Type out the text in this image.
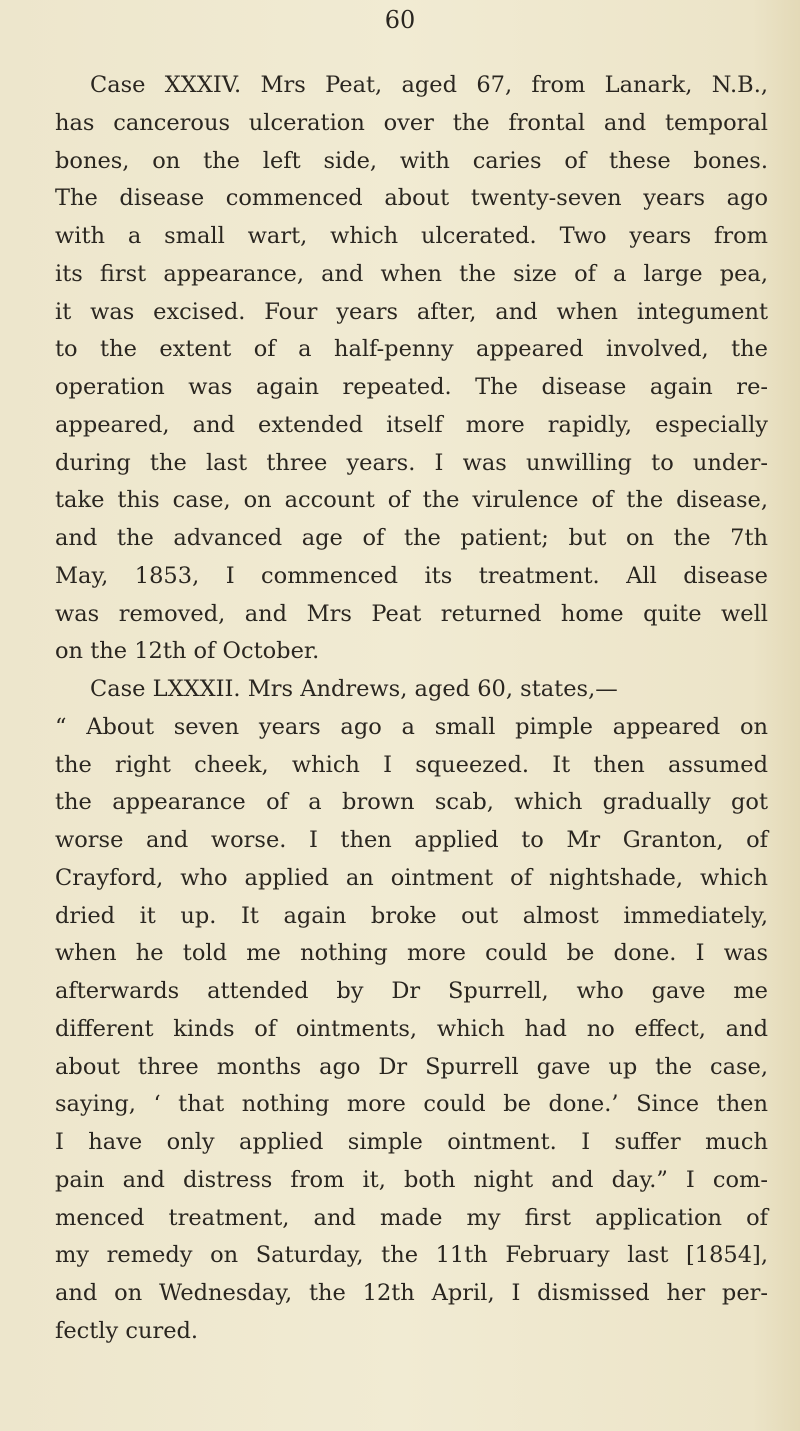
60
Case XXXIV. Mrs Peat, aged 67, from Lanark, N.B.,
has cancerous ulceration over the frontal and temporal
bones, on the left side, with caries of these bones.
The disease commenced about twenty-seven years ago
with a small wart, which ulcerated. Two years from
its first appearance, and when the size of a large pea,
it was excised. Four years after, and when integument
to the extent of a half-penny appeared involved, the
operation was again repeated. The disease again re-
appeared, and extended itself more rapidly, especially
during the last three years. I was unwilling to under-
take this case, on account of the virulence of the disease,
and the advanced age of the patient; but on the 7th
May, 1853, I commenced its treatment. All disease
was removed, and Mrs Peat returned home quite well
on the 12th of October.
Case LXXXII. Mrs Andrews, aged 60, states,—
“ About seven years ago a small pimple appeared on
the right cheek, which I squeezed. It then assumed
the appearance of a brown scab, which gradually got
worse and worse. I then applied to Mr Granton, of
Crayford, who applied an ointment of nightshade, which
dried it up. It again broke out almost immediately,
when he told me nothing more could be done. I was
afterwards attended by Dr Spurrell, who gave me
different kinds of ointments, which had no effect, and
about three months ago Dr Spurrell gave up the case,
saying, ‘ that nothing more could be done.’ Since then
I have only applied simple ointment. I suffer much
pain and distress from it, both night and day.” I com-
menced treatment, and made my first application of
my remedy on Saturday, the 11th February last [1854],
and on Wednesday, the 12th April, I dismissed her per-
fectly cured.
